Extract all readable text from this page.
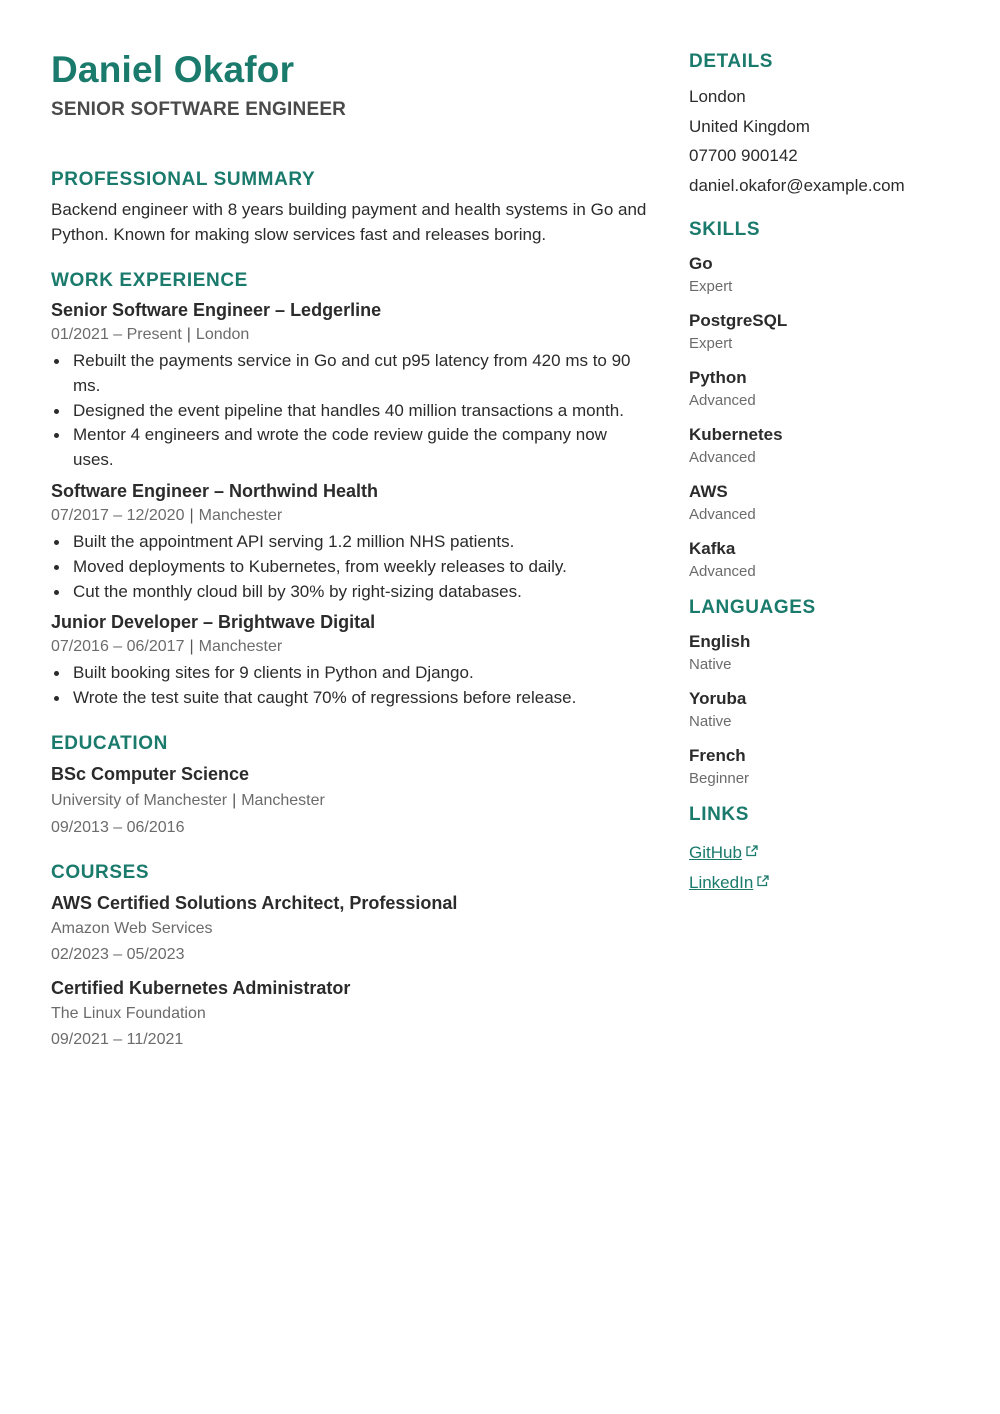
Daniel Okafor
SENIOR SOFTWARE ENGINEER
PROFESSIONAL SUMMARY
Backend engineer with 8 years building payment and health systems in Go and Python. Known for making slow services fast and releases boring.
WORK EXPERIENCE
Senior Software Engineer – Ledgerline
01/2021 – Present | London
Rebuilt the payments service in Go and cut p95 latency from 420 ms to 90 ms.
Designed the event pipeline that handles 40 million transactions a month.
Mentor 4 engineers and wrote the code review guide the company now uses.
Software Engineer – Northwind Health
07/2017 – 12/2020 | Manchester
Built the appointment API serving 1.2 million NHS patients.
Moved deployments to Kubernetes, from weekly releases to daily.
Cut the monthly cloud bill by 30% by right-sizing databases.
Junior Developer – Brightwave Digital
07/2016 – 06/2017 | Manchester
Built booking sites for 9 clients in Python and Django.
Wrote the test suite that caught 70% of regressions before release.
EDUCATION
BSc Computer Science
University of Manchester | Manchester
09/2013 – 06/2016
COURSES
AWS Certified Solutions Architect, Professional
Amazon Web Services
02/2023 – 05/2023
Certified Kubernetes Administrator
The Linux Foundation
09/2021 – 11/2021
DETAILS
London
United Kingdom
07700 900142
daniel.okafor@example.com
SKILLS
Go
Expert
PostgreSQL
Expert
Python
Advanced
Kubernetes
Advanced
AWS
Advanced
Kafka
Advanced
LANGUAGES
English
Native
Yoruba
Native
French
Beginner
LINKS
GitHub
LinkedIn
